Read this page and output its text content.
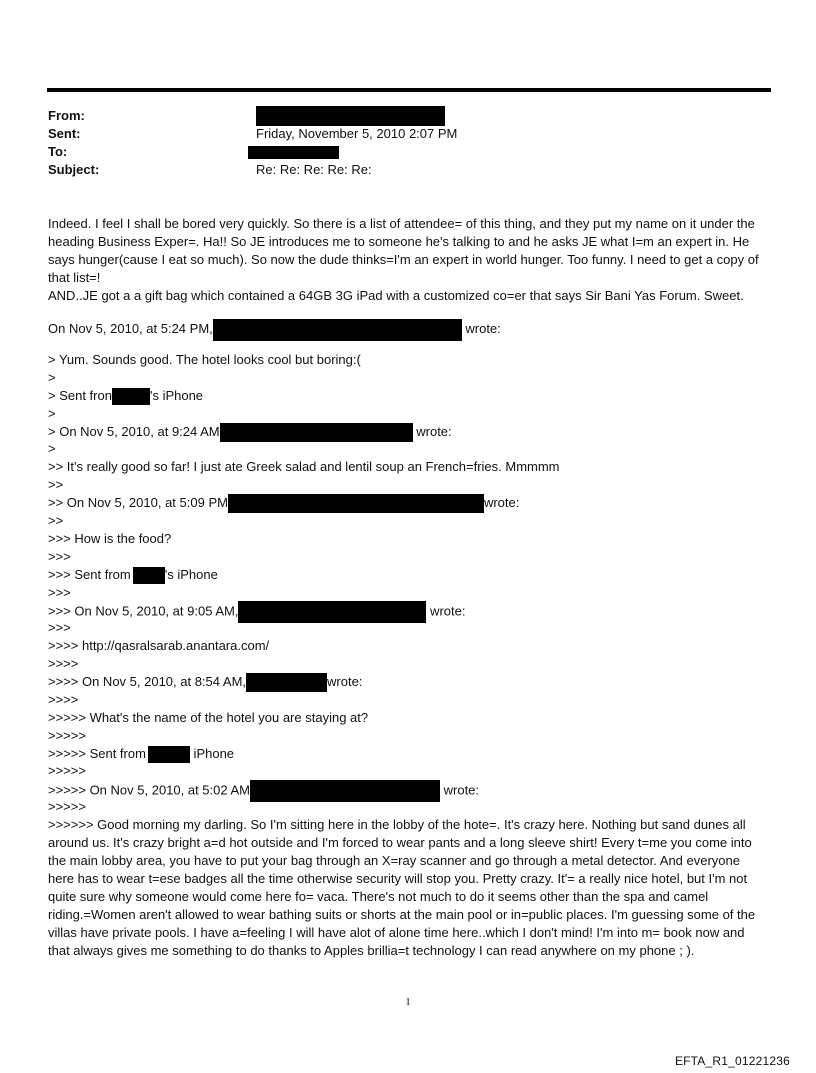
From:
Sent:	Friday, November 5, 2010 2:07 PM
To:
Subject:	Re: Re: Re: Re: Re:

Indeed. I feel I shall be bored very quickly. So there is a list of attendee= of this thing, and they put my name on it under the heading Business Exper=. Ha!! So JE introduces me to someone he's talking to and he asks JE what I=m an expert in. He says hunger(cause I eat so much). So now the dude thinks=I'm an expert in world hunger. Too funny. I need to get a copy of that list=!

AND..JE got a a gift bag which contained a 64GB 3G iPad with a customized co=er that says Sir Bani Yas Forum. Sweet.

On Nov 5, 2010, at 5:24 PM,	wrote:
> Yum. Sounds good. The hotel looks cool but boring:(
>
> Sent fron	's iPhone
>
> On Nov 5, 2010, at 9:24 AM	wrote:
>
>> It's really good so far! I just ate Greek salad and lentil soup an French=fries. Mmmmm
>>
>> On Nov 5, 2010, at 5:09 PM	wrote:
>>
>>> How is the food?
>>>
>>> Sent from	's iPhone
>>>
>>> On Nov 5, 2010, at 9:05 AM,	wrote:
>>>
>>>> http://qasralsarab.anantara.com/
>>>>
>>>> On Nov 5, 2010, at 8:54 AM,	wrote:
>>>>
>>>>> What's the name of the hotel you are staying at?
>>>>>
>>>>> Sent from	iPhone
>>>>>
>>>>> On Nov 5, 2010, at 5:02 AM	wrote:
>>>>>

>>>>>> Good morning my darling. So I'm sitting here in the lobby of the hote=. It's crazy here. Nothing but sand dunes all around us. It's crazy bright a=d hot outside and I'm forced to wear pants and a long sleeve shirt! Every t=me you come into the main lobby area, you have to put your bag through an X=ray scanner and go through a metal detector. And everyone here has to wear t=ese badges all the time otherwise security will stop you. Pretty crazy. It'= a really nice hotel, but I'm not quite sure why someone would come here fo= vaca. There's not much to do it seems other than the spa and camel riding.=Women aren't allowed to wear bathing suits or shorts at the main pool or in=public places. I'm guessing some of the villas have private pools. I have a=feeling I will have alot of alone time here..which I don't mind! I'm into m= book now and that always gives me something to do thanks to Apples brillia=t technology I can read anywhere on my phone ; ).

1
EFTA_R1_01221236
